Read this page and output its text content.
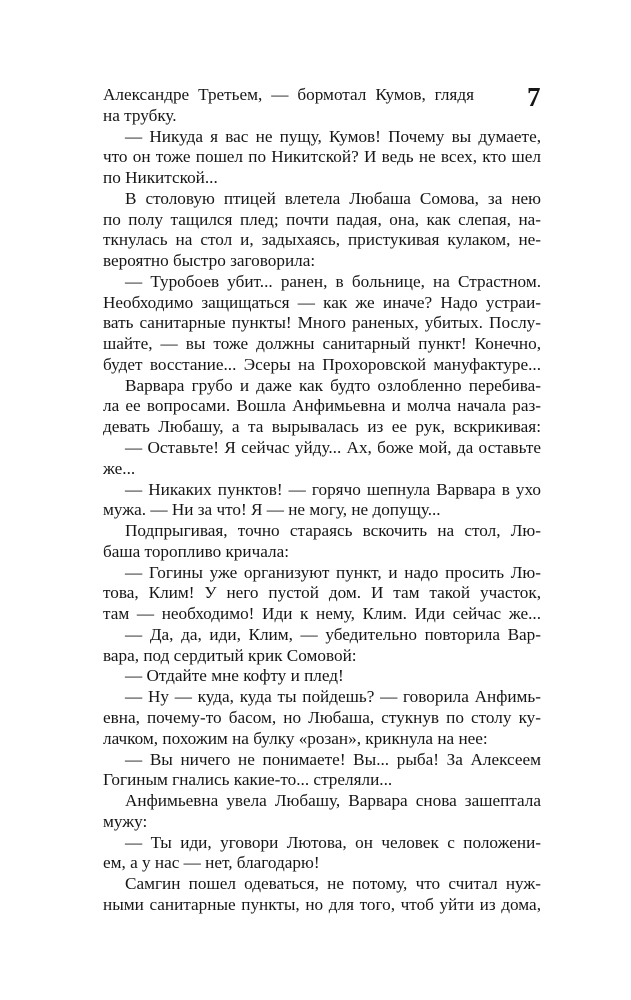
7
Александре Третьем, — бормотал Кумов, глядя
на трубку.
— Никуда я вас не пущу, Кумов! Почему вы думаете,
что он тоже пошел по Никитской? И ведь не всех, кто шел
по Никитской...
В столовую птицей влетела Любаша Сомова, за нею
по полу тащился плед; почти падая, она, как слепая, на-
ткнулась на стол и, задыхаясь, пристукивая кулаком, не-
вероятно быстро заговорила:
— Туробоев убит... ранен, в больнице, на Страстном.
Необходимо защищаться — как же иначе? Надо устраи-
вать санитарные пункты! Много раненых, убитых. Послу-
шайте, — вы тоже должны санитарный пункт! Конечно,
будет восстание... Эсеры на Прохоровской мануфактуре...
Варвара грубо и даже как будто озлобленно перебива-
ла ее вопросами. Вошла Анфимьевна и молча начала раз-
девать Любашу, а та вырывалась из ее рук, вскрикивая:
— Оставьте! Я сейчас уйду... Ах, боже мой, да оставьте
же...
— Никаких пунктов! — горячо шепнула Варвара в ухо
мужа. — Ни за что! Я — не могу, не допущу...
Подпрыгивая, точно стараясь вскочить на стол, Лю-
баша торопливо кричала:
— Гогины уже организуют пункт, и надо просить Лю-
това, Клим! У него пустой дом. И там такой участок,
там — необходимо! Иди к нему, Клим. Иди сейчас же...
— Да, да, иди, Клим, — убедительно повторила Вар-
вара, под сердитый крик Сомовой:
— Отдайте мне кофту и плед!
— Ну — куда, куда ты пойдешь? — говорила Анфимь-
евна, почему-то басом, но Любаша, стукнув по столу ку-
лачком, похожим на булку «розан», крикнула на нее:
— Вы ничего не понимаете! Вы... рыба! За Алексеем
Гогиным гнались какие-то... стреляли...
Анфимьевна увела Любашу, Варвара снова зашептала
мужу:
— Ты иди, уговори Лютова, он человек с положени-
ем, а у нас — нет, благодарю!
Самгин пошел одеваться, не потому, что считал нуж-
ными санитарные пункты, но для того, чтоб уйти из дома,
